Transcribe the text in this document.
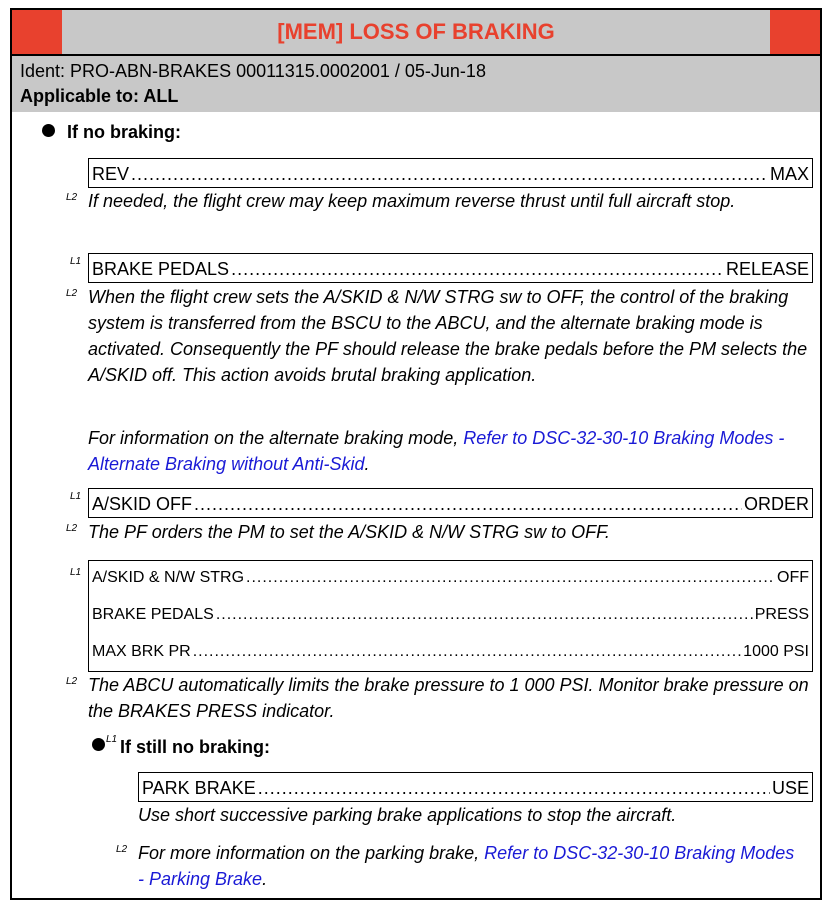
[MEM] LOSS OF BRAKING
Ident: PRO-ABN-BRAKES 00011315.0002001 / 05-Jun-18
Applicable to: ALL
If no braking:
REV .....	MAX
L2 If needed, the flight crew may keep maximum reverse thrust until full aircraft stop.
L1 BRAKE PEDALS .....	RELEASE
L2 When the flight crew sets the A/SKID & N/W STRG sw to OFF, the control of the braking system is transferred from the BSCU to the ABCU, and the alternate braking mode is activated. Consequently the PF should release the brake pedals before the PM selects the A/SKID off. This action avoids brutal braking application.
For information on the alternate braking mode, Refer to DSC-32-30-10 Braking Modes - Alternate Braking without Anti-Skid.
L1 A/SKID OFF .....	ORDER
L2 The PF orders the PM to set the A/SKID & N/W STRG sw to OFF.
L1 A/SKID & N/W STRG .....	OFF
BRAKE PEDALS .....	PRESS
MAX BRK PR .....	1000 PSI
L2 The ABCU automatically limits the brake pressure to 1 000 PSI. Monitor brake pressure on the BRAKES PRESS indicator.
L1 If still no braking:
PARK BRAKE .....	USE
Use short successive parking brake applications to stop the aircraft.
L2 For more information on the parking brake, Refer to DSC-32-30-10 Braking Modes - Parking Brake.
